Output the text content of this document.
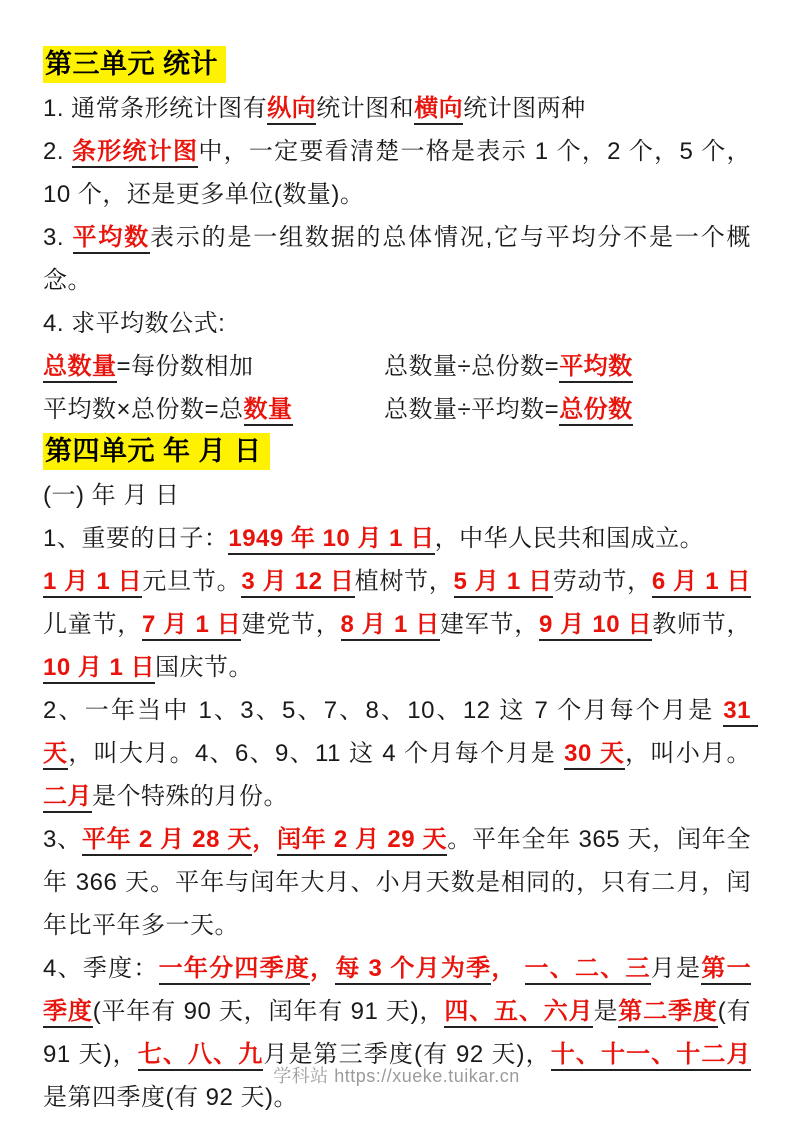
第三单元 统计

1. 通常条形统计图有纵向统计图和横向统计图两种

2. 条形统计图中，一定要看清楚一格是表示 1 个，2 个，5 个，10 个，还是更多单位(数量)。

3. 平均数表示的是一组数据的总体情况,它与平均分不是一个概念。

4. 求平均数公式:

总数量=每份数相加	总数量÷总份数=平均数
平均数×总份数=总数量	总数量÷平均数=总份数
第四单元 年 月 日

(一) 年 月 日

1、重要的日子：1949 年 10 月 1 日，中华人民共和国成立。

1 月 1 日元旦节。3 月 12 日植树节，5 月 1 日劳动节，6 月 1 日儿童节，7 月 1 日建党节，8 月 1 日建军节，9 月 10 日教师节，10 月 1 日国庆节。

2、一年当中 1、3、5、7、8、10、12 这 7 个月每个月是 31 天，叫大月。4、6、9、11 这 4 个月每个月是 30 天，叫小月。二月是个特殊的月份。

3、平年 2 月 28 天，闰年 2 月 29 天。平年全年 365 天，闰年全年 366 天。平年与闰年大月、小月天数是相同的，只有二月，闰年比平年多一天。

4、季度：一年分四季度，每 3 个月为季， 一、二、三月是第一季度(平年有 90 天，闰年有 91 天)，四、五、六月是第二季度(有 91 天)，七、八、九月是第三季度(有 92 天)，十、十一、十二月是第四季度(有 92 天)。

学科站 https://xueke.tuikar.cn
